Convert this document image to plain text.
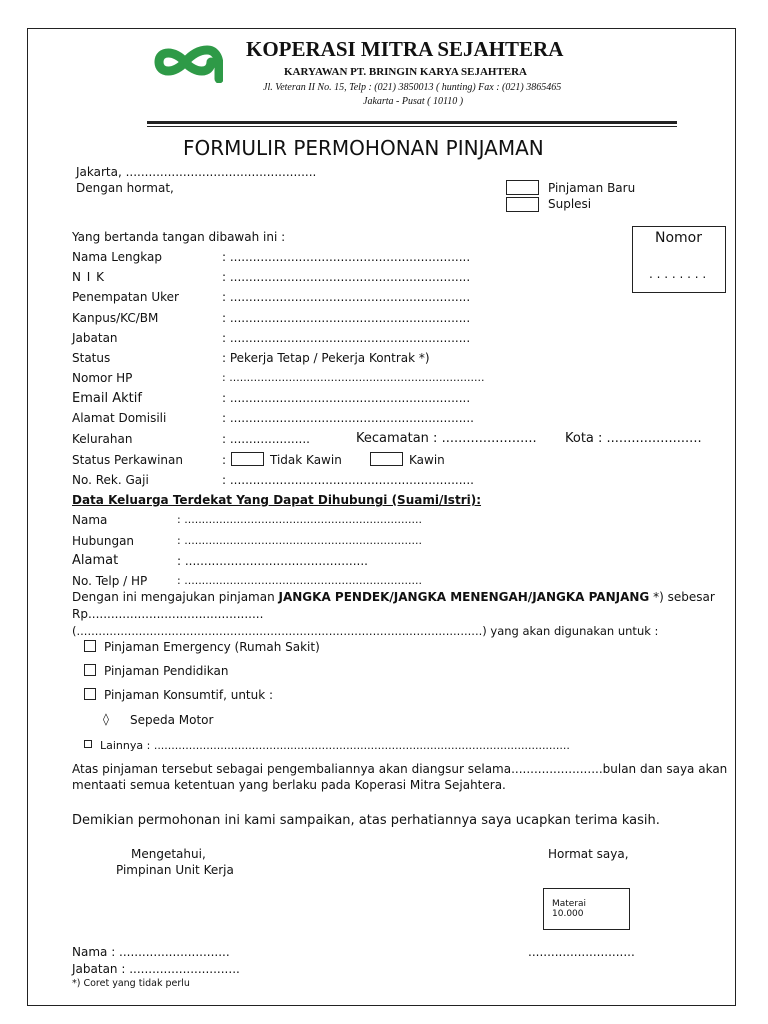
KOPERASI MITRA SEJAHTERA
KARYAWAN PT. BRINGIN KARYA SEJAHTERA
Jl. Veteran II No. 15, Telp : (021) 3850013 ( hunting) Fax : (021) 3865465
Jakarta - Pusat ( 10110 )
FORMULIR PERMOHONAN PINJAMAN
Jakarta, ..................................................
Dengan hormat,	Pinjaman Baru
Suplesi
Nomor
. . . . . . . .
Yang bertanda tangan dibawah ini :
Nama Lengkap	: ...............................................................
N I K	: ...............................................................
Penempatan Uker	: ...............................................................
Kanpus/KC/BM	: ...............................................................
Jabatan	: ...............................................................
Status	: Pekerja Tetap / Pekerja Kontrak *)
Nomor HP	: .........................................................................
Email Aktif	: ...............................................................
Alamat Domisili	: ................................................................
Kelurahan	: .....................	Kecamatan : ....................... Kota : .......................
Status Perkawinan	:	Tidak Kawin	Kawin
No. Rek. Gaji	: ................................................................
Data Keluarga Terdekat Yang Dapat Dihubungi (Suami/Istri):
Nama	: ....................................................................
Hubungan	: ....................................................................
Alamat	: ................................................
No. Telp / HP	: ....................................................................
Dengan ini mengajukan pinjaman JANGKA PENDEK/JANGKA MENENGAH/JANGKA PANJANG *) sebesar
Rp..............................................
(...............................................................................................................) yang akan digunakan untuk :
Pinjaman Emergency (Rumah Sakit)
Pinjaman Pendidikan
Pinjaman Konsumtif, untuk :
◊ Sepeda Motor
Lainnya : .......................................................................................................................
Atas pinjaman tersebut sebagai pengembaliannya akan diangsur selama........................bulan dan saya akan
mentaati semua ketentuan yang berlaku pada Koperasi Mitra Sejahtera.
Demikian permohonan ini kami sampaikan, atas perhatiannya saya ucapkan terima kasih.
Mengetahui,
Pimpinan Unit Kerja
Hormat saya,
Materai
10.000
Nama : .............................	............................
Jabatan : .............................
*) Coret yang tidak perlu
